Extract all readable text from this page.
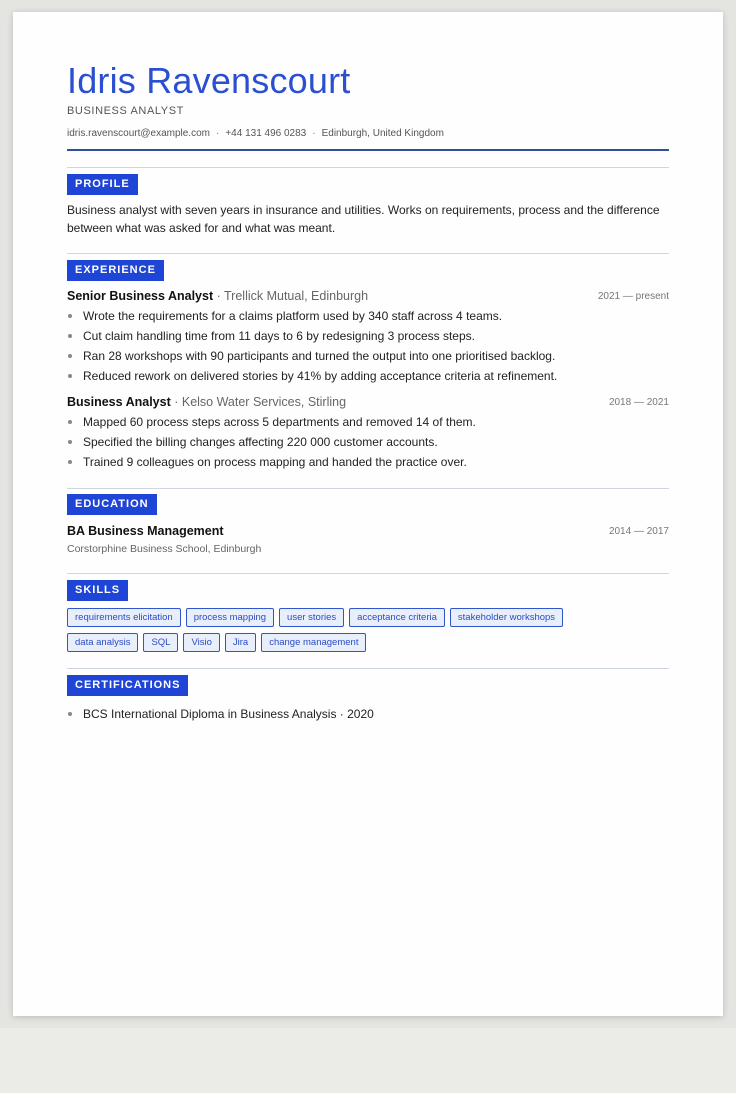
Idris Ravenscourt
BUSINESS ANALYST
idris.ravenscourt@example.com · +44 131 496 0283 · Edinburgh, United Kingdom
PROFILE

Business analyst with seven years in insurance and utilities. Works on requirements, process and the difference between what was asked for and what was meant.

EXPERIENCE
Senior Business Analyst · Trellick Mutual, Edinburgh	2021 — present
Wrote the requirements for a claims platform used by 340 staff across 4 teams.
Cut claim handling time from 11 days to 6 by redesigning 3 process steps.
Ran 28 workshops with 90 participants and turned the output into one prioritised backlog.
Reduced rework on delivered stories by 41% by adding acceptance criteria at refinement.
Business Analyst · Kelso Water Services, Stirling	2018 — 2021
Mapped 60 process steps across 5 departments and removed 14 of them.
Specified the billing changes affecting 220 000 customer accounts.
Trained 9 colleagues on process mapping and handed the practice over.
EDUCATION
BA Business Management	2014 — 2017
Corstorphine Business School, Edinburgh
SKILLS
requirements elicitation	process mapping	user stories	acceptance criteria	stakeholder workshops
data analysis	SQL	Visio	Jira	change management
CERTIFICATIONS
BCS International Diploma in Business Analysis · 2020
